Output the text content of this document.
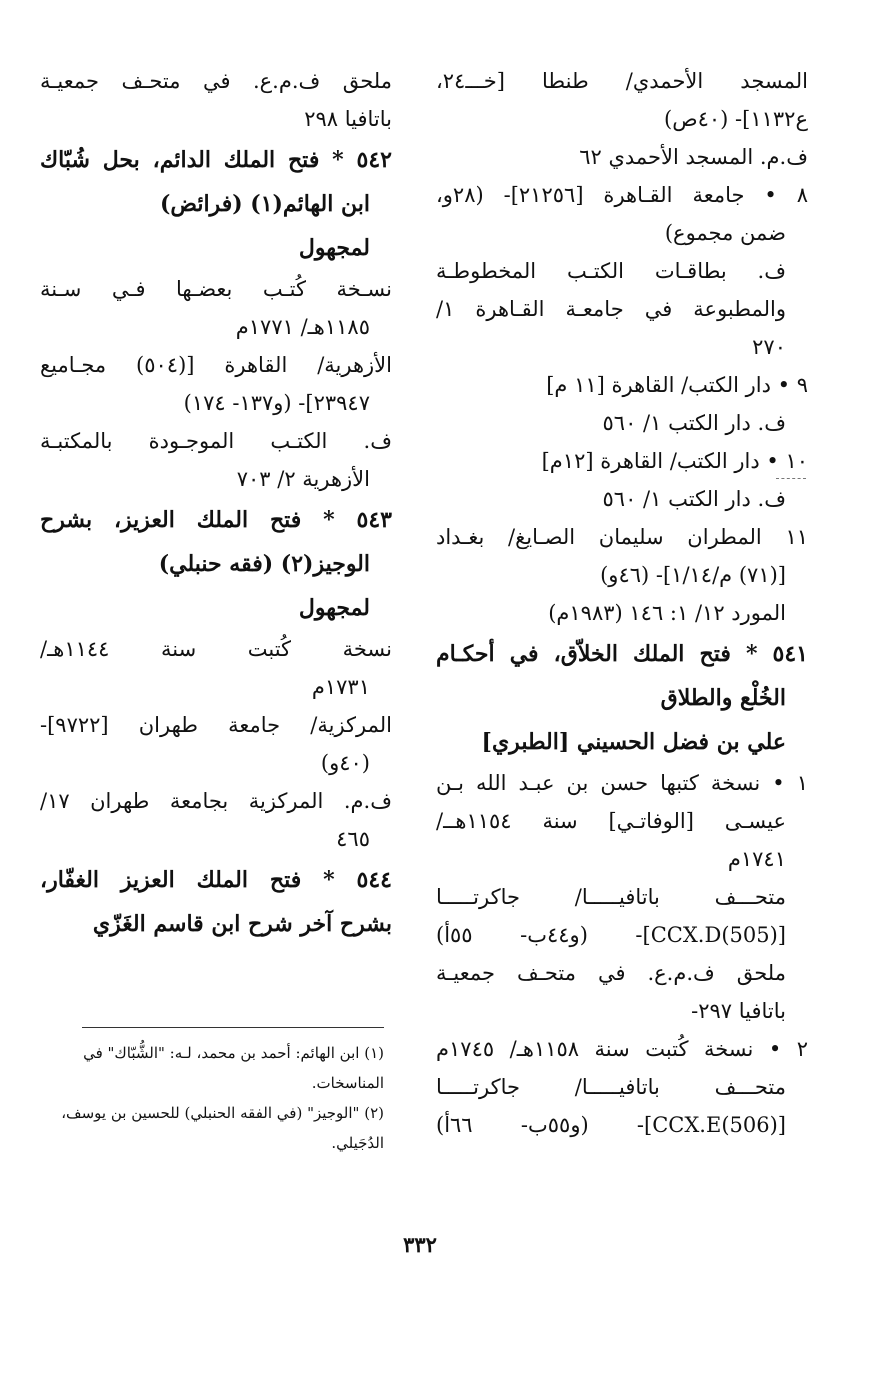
المسجد الأحمدي/ طنطا [خـــ٢٤،
ع١١٣٢]- (٤٠ص)
ف.م. المسجد الأحمدي ٦٢
٨ • جامعة القـاهرة [٢١٢٥٦]- (٢٨و،
ضمن مجموع)
ف. بطاقـات الكتـب المخطوطـة
والمطبوعة في جامعـة القـاهرة ١/
٢٧٠
٩ • دار الكتب/ القاهرة [١١ م]
ف. دار الكتب ١/ ٥٦٠
١٠ • دار الكتب/ القاهرة [١٢م]
ف. دار الكتب ١/ ٥٦٠
١١ المطران سليمان الصـايغ/ بغـداد
[(٧١) م/١/١٤]- (٤٦و)
المورد ١٢/ ١: ١٤٦ (١٩٨٣م)
٥٤١ * فتح الملك الخلاّق، في أحكـام
الخُلْع والطلاق
علي بن فضل الحسيني [الطبري]
١ • نسخة كتبها حسن بن عبـد الله بـن
عيسـى [الوفاتـي] سنة ١١٥٤هــ/
١٧٤١م
متحـــف باتافيـــــا/ جاكرتـــــا
[(505)CCX.D]- (و٤٤ب- ٥٥أ)
ملحق ف.م.ع. في متحـف جمعيـة
باتافيا ٢٩٧-
٢ • نسخة كُتبت سنة ١١٥٨هـ/ ١٧٤٥م
متحـــف باتافيـــــا/ جاكرتـــــا
[(506)CCX.E]- (و٥٥ب- ٦٦أ)
ملحق ف.م.ع. في متحـف جمعيـة
باتافيا ٢٩٨
٥٤٢ * فتح الملك الدائم، بحل شُبّاك
ابن الهائم(١) (فرائض)
لمجهول
نسـخة كُتـب بعضـها فـي سـنة
١١٨٥هـ/ ١٧٧١م
الأزهرية/ القاهرة [(٥٠٤) مجـاميع
٢٣٩٤٧]- (و١٣٧- ١٧٤)
ف. الكتـب الموجـودة بالمكتبـة
الأزهرية ٢/ ٧٠٣
٥٤٣ * فتح الملك العزيز، بشرح
الوجيز(٢) (فقه حنبلي)
لمجهول
نسخة كُتبت سنة ١١٤٤هـ/
١٧٣١م
المركزية/ جامعة طهران [٩٧٢٢]-
(٤٠و)
ف.م. المركزية بجامعة طهران ١٧/
٤٦٥
٥٤٤ * فتح الملك العزيز الغفّار،
بشرح آخر شرح ابن قاسم الغَزّي
(١) ابن الهائم: أحمد بن محمد، لـه: "الشُّبّاك" في
المناسخات.
(٢) "الوجيز" (في الفقه الحنبلي) للحسين بن يوسف،
الدُجَيلي.
٣٣٢
